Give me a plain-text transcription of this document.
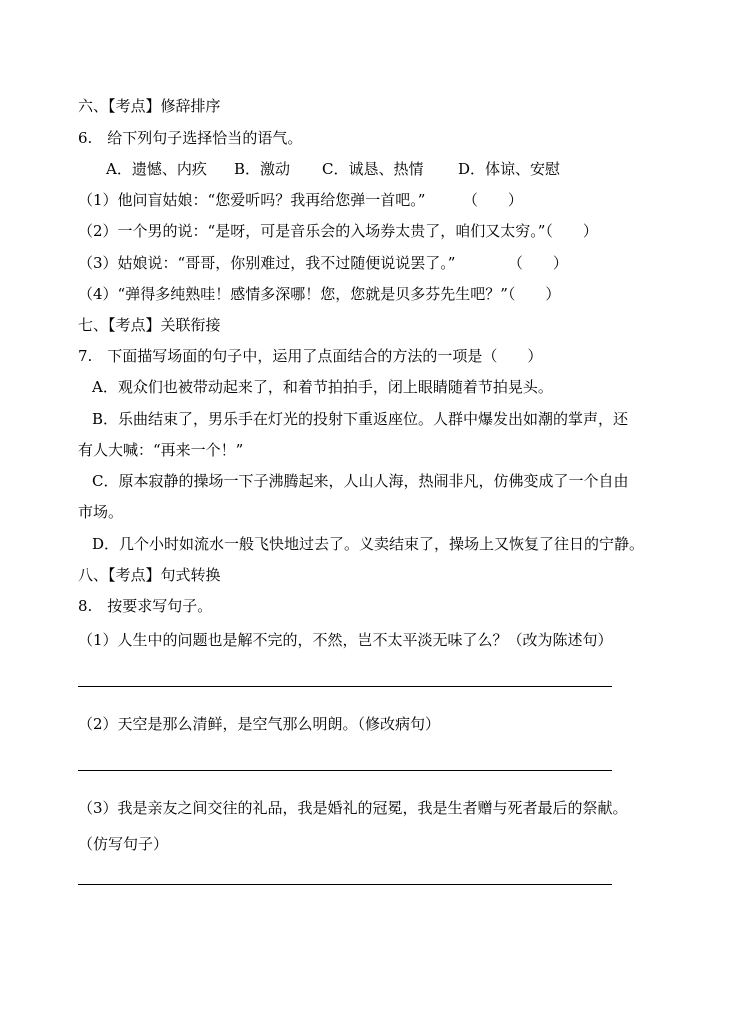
六、【考点】修辞排序
6.　给下列句子选择恰当的语气。
A．遗憾、内疚 B．激动 C．诚恳、热情 D．体谅、安慰
（1）他问盲姑娘：“您爱听吗？我再给您弹一首吧。”　　　（　　）
（2）一个男的说：“是呀，可是音乐会的入场券太贵了，咱们又太穷。”（　　）
（3）姑娘说：“哥哥，你别难过，我不过随便说说罢了。”　　　　（　　）
（4）“弹得多纯熟哇！感情多深哪！您，您就是贝多芬先生吧？”（　　）
七、【考点】关联衔接
7.　下面描写场面的句子中，运用了点面结合的方法的一项是（　　）
A．观众们也被带动起来了，和着节拍拍手，闭上眼睛随着节拍晃头。
B．乐曲结束了，男乐手在灯光的投射下重返座位。人群中爆发出如潮的掌声，还
有人大喊：“再来一个！”
C．原本寂静的操场一下子沸腾起来，人山人海，热闹非凡，仿佛变成了一个自由
市场。
D．几个小时如流水一般飞快地过去了。义卖结束了，操场上又恢复了往日的宁静。
八、【考点】句式转换
8.　按要求写句子。
（1）人生中的问题也是解不完的，不然，岂不太平淡无味了么？（改为陈述句）
（2）天空是那么清鲜，是空气那么明朗。（修改病句）
（3）我是亲友之间交往的礼品，我是婚礼的冠冕，我是生者赠与死者最后的祭献。
（仿写句子）
